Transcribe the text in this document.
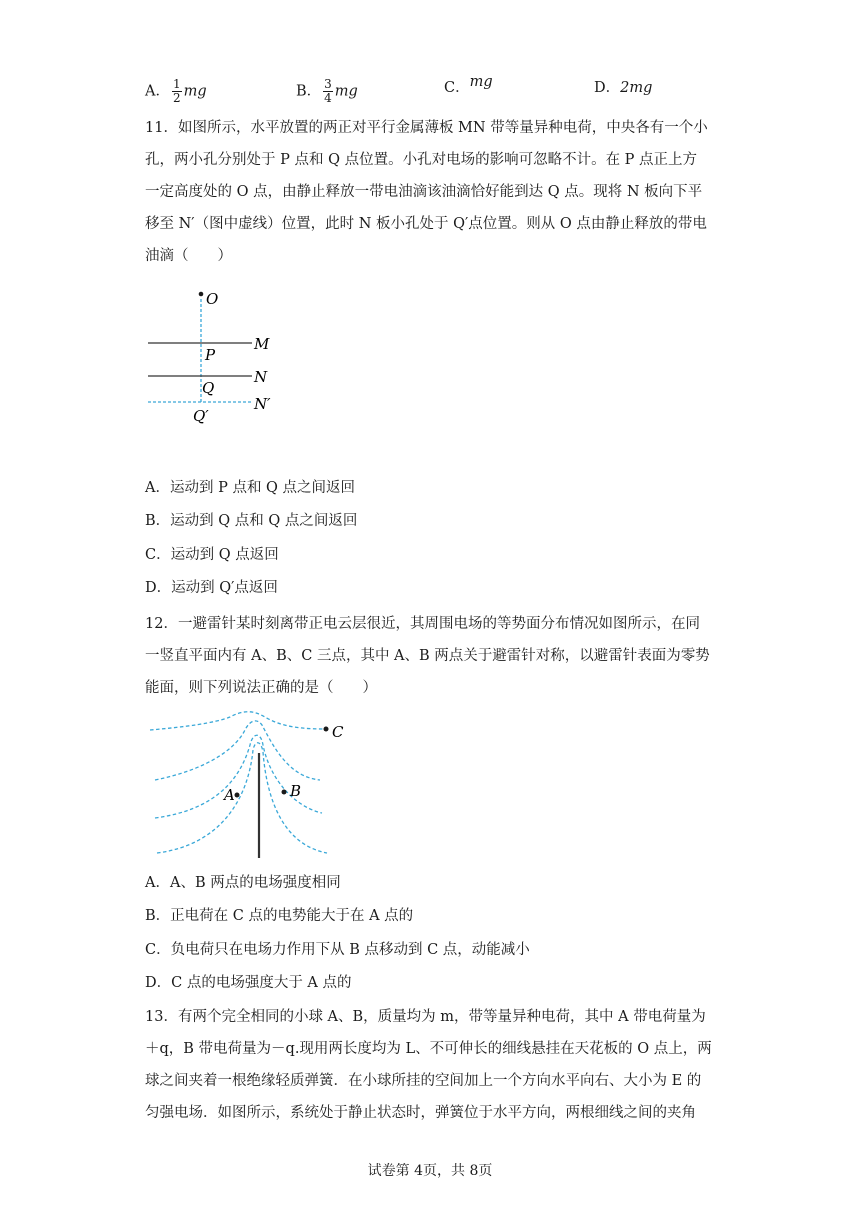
A． $\frac{1}{2}$ mg	B． $\frac{3}{4}$ mg	C．mg	D．2mg
11．如图所示，水平放置的两正对平行金属薄板 MN 带等量异种电荷，中央各有一个小
孔，两小孔分别处于 P 点和 Q 点位置。小孔对电场的影响可忽略不计。在 P 点正上方
一定高度处的 O 点，由静止释放一带电油滴该油滴恰好能到达 Q 点。现将 N 板向下平
移至 N′（图中虚线）位置，此时 N 板小孔处于 Q′点位置。则从 O 点由静止释放的带电
油滴（　　）
O
P
M
Q
N
Q′
N′
A．运动到 P 点和 Q 点之间返回
B．运动到 Q 点和 Q 点之间返回
C．运动到 Q 点返回
D．运动到 Q′点返回
12．一避雷针某时刻离带正电云层很近，其周围电场的等势面分布情况如图所示，在同
一竖直平面内有 A、B、C 三点，其中 A、B 两点关于避雷针对称，以避雷针表面为零势
能面，则下列说法正确的是（　　）
C
A	B
A．A、B 两点的电场强度相同
B．正电荷在 C 点的电势能大于在 A 点的
C．负电荷只在电场力作用下从 B 点移动到 C 点，动能减小
D．C 点的电场强度大于 A 点的
13．有两个完全相同的小球 A、B，质量均为 m，带等量异种电荷，其中 A 带电荷量为
＋q，B 带电荷量为－q.现用两长度均为 L、不可伸长的细线悬挂在天花板的 O 点上，两
球之间夹着一根绝缘轻质弹簧．在小球所挂的空间加上一个方向水平向右、大小为 E 的
匀强电场．如图所示，系统处于静止状态时，弹簧位于水平方向，两根细线之间的夹角
试卷第 4页，共 8页
